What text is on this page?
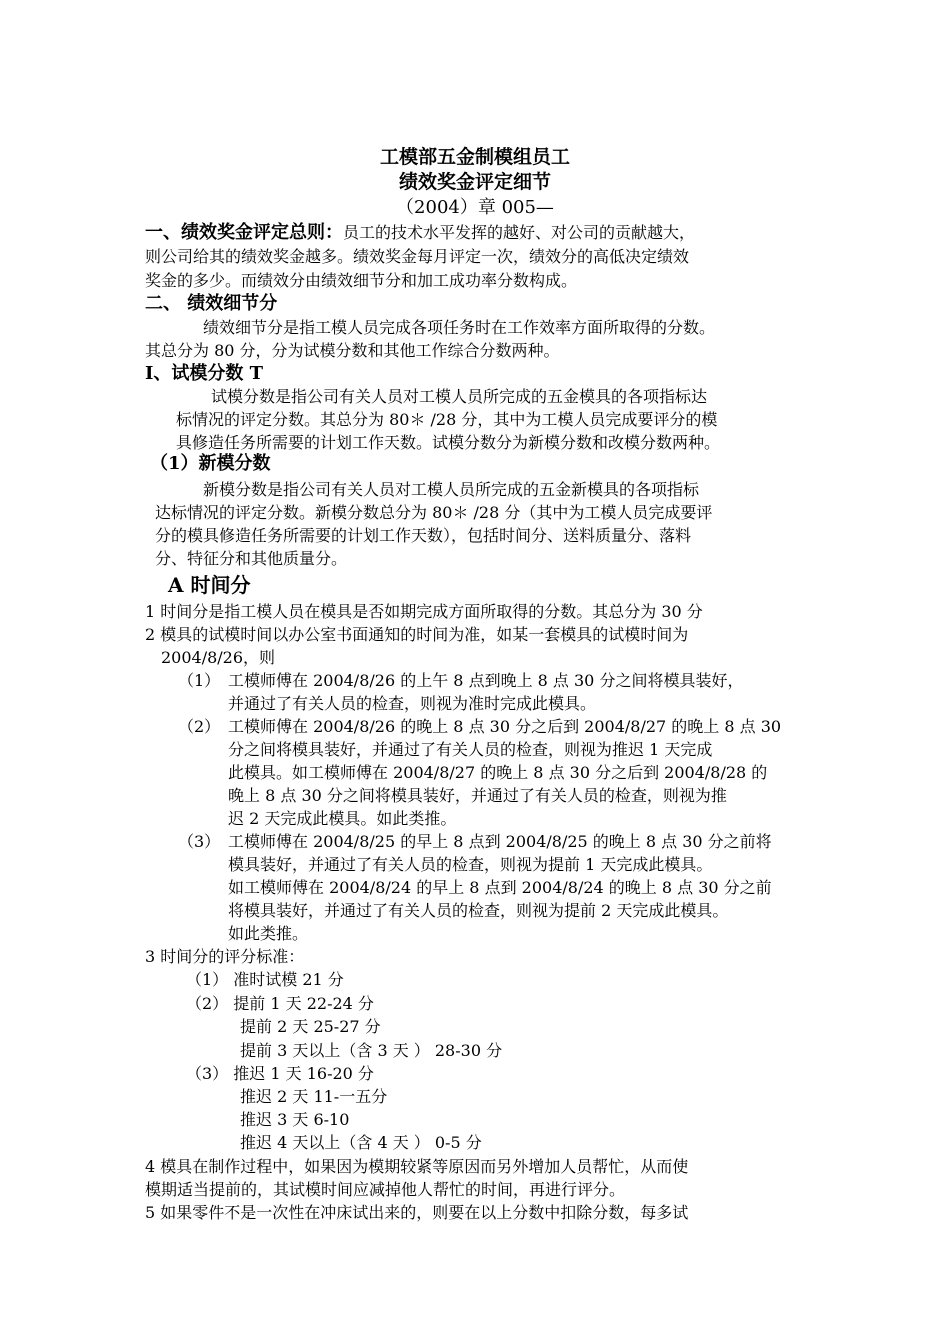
工模部五金制模组员工
绩效奖金评定细节
（2004）章 005—
一、绩效奖金评定总则：员工的技术水平发挥的越好、对公司的贡献越大，
则公司给其的绩效奖金越多。绩效奖金每月评定一次，绩效分的高低决定绩效
奖金的多少。而绩效分由绩效细节分和加工成功率分数构成。
二、 绩效细节分
绩效细节分是指工模人员完成各项任务时在工作效率方面所取得的分数。
其总分为 80 分，分为试模分数和其他工作综合分数两种。
I、试模分数 T
试模分数是指公司有关人员对工模人员所完成的五金模具的各项指标达
标情况的评定分数。其总分为 80＊ /28 分，其中为工模人员完成要评分的模
具修造任务所需要的计划工作天数。试模分数分为新模分数和改模分数两种。
（1）新模分数
新模分数是指公司有关人员对工模人员所完成的五金新模具的各项指标
达标情况的评定分数。新模分数总分为 80＊ /28 分（其中为工模人员完成要评
分的模具修造任务所需要的计划工作天数），包括时间分、送料质量分、落料
分、特征分和其他质量分。
A 时间分
1 时间分是指工模人员在模具是否如期完成方面所取得的分数。其总分为 30 分
2 模具的试模时间以办公室书面通知的时间为准，如某一套模具的试模时间为
2004/8/26，则
（1） 工模师傅在 2004/8/26 的上午 8 点到晚上 8 点 30 分之间将模具装好，
并通过了有关人员的检查，则视为准时完成此模具。
（2） 工模师傅在 2004/8/26 的晚上 8 点 30 分之后到 2004/8/27 的晚上 8 点 30
分之间将模具装好，并通过了有关人员的检查，则视为推迟 1 天完成
此模具。如工模师傅在 2004/8/27 的晚上 8 点 30 分之后到 2004/8/28 的
晚上 8 点 30 分之间将模具装好，并通过了有关人员的检查，则视为推
迟 2 天完成此模具。如此类推。
（3） 工模师傅在 2004/8/25 的早上 8 点到 2004/8/25 的晚上 8 点 30 分之前将
模具装好，并通过了有关人员的检查，则视为提前 1 天完成此模具。
如工模师傅在 2004/8/24 的早上 8 点到 2004/8/24 的晚上 8 点 30 分之前
将模具装好，并通过了有关人员的检查，则视为提前 2 天完成此模具。
如此类推。
3 时间分的评分标准：
（1） 准时试模 21 分
（2） 提前 1 天 22-24 分
提前 2 天 25-27 分
提前 3 天以上（含 3 天 ） 28-30 分
（3） 推迟 1 天 16-20 分
推迟 2 天 11-一五分
推迟 3 天 6-10
推迟 4 天以上（含 4 天 ） 0-5 分
4 模具在制作过程中，如果因为模期较紧等原因而另外增加人员帮忙，从而使
模期适当提前的，其试模时间应减掉他人帮忙的时间，再进行评分。
5 如果零件不是一次性在冲床试出来的，则要在以上分数中扣除分数，每多试
